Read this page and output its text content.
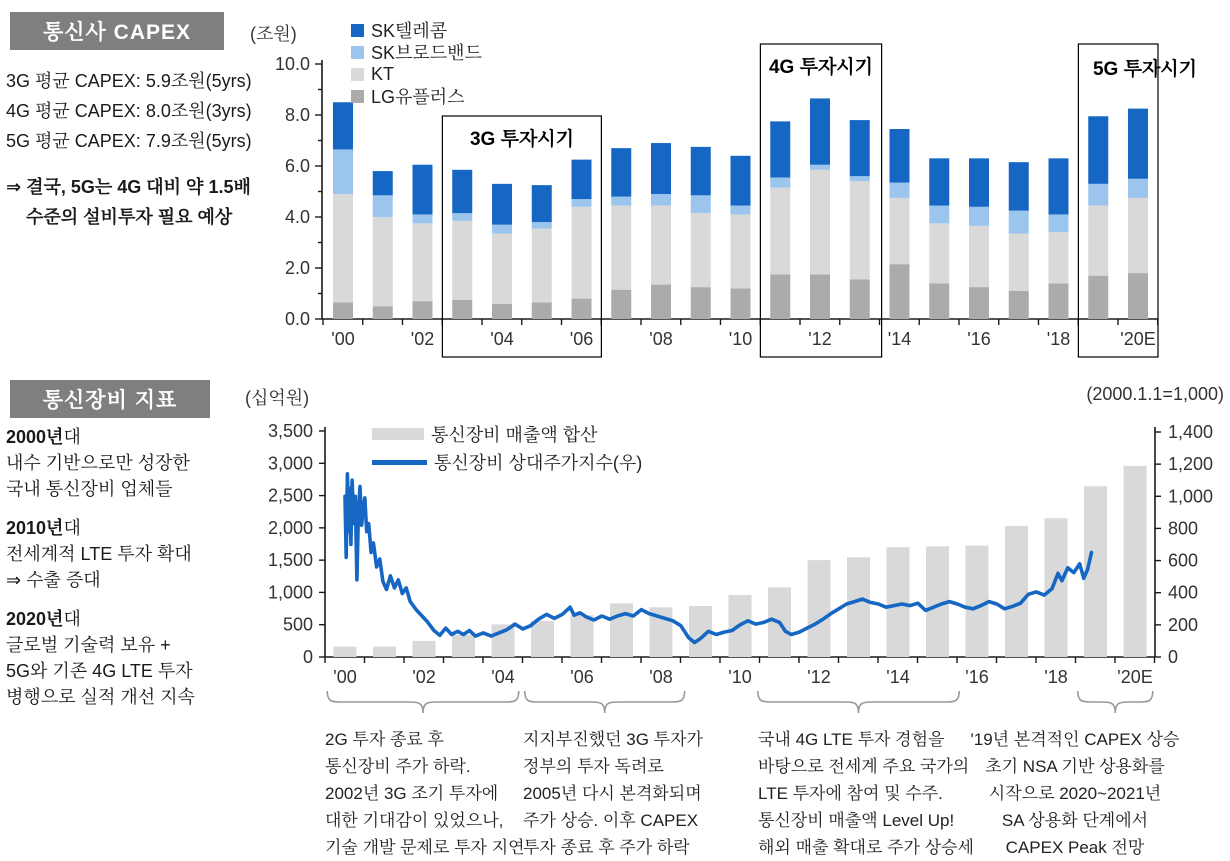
0.0
2.0
4.0
6.0
8.0
10.0
'00	'02	'04	'06	'08	'10	'12	'14	'16	'18	'20E
0
500
1,000
1,500
2,000
2,500
3,000
3,500
0
200
400
600
800
1,000
1,200
1,400
'00	'02	'04	'06	'08	'10	'12	'14	'16	'18	'20E
통신사 CAPEX
3G 평균 CAPEX: 5.9조원(5yrs)
4G 평균 CAPEX: 8.0조원(3yrs)
5G 평균 CAPEX: 7.9조원(5yrs)
⇒ 결국, 5G는 4G 대비 약 1.5배
수준의 설비투자 필요 예상
(조원)	SK텔레콤
SK브로드밴드
KT
LG유플러스
3G 투자시기
4G 투자시기	5G 투자시기
통신장비 지표
2000년대
내수 기반으로만 성장한
국내 통신장비 업체들
2010년대
전세계적 LTE 투자 확대
⇒ 수출 증대
2020년대
글로벌 기술력 보유 +
5G와 기존 4G LTE 투자
병행으로 실적 개선 지속
(십억원)	(2000.1.1=1,000)
통신장비 매출액 합산
통신장비 상대주가지수(우)
2G 투자 종료 후
통신장비 주가 하락.
2002년 3G 조기 투자에
대한 기대감이 있었으나,
기술 개발 문제로 투자 지연
지지부진했던 3G 투자가
정부의 투자 독려로
2005년 다시 본격화되며
주가 상승. 이후 CAPEX
투자 종료 후 주가 하락
국내 4G LTE 투자 경험을
바탕으로 전세계 주요 국가의
LTE 투자에 참여 및 수주.
통신장비 매출액 Level Up!
해외 매출 확대로 주가 상승세
'19년 본격적인 CAPEX 상승
초기 NSA 기반 상용화를
시작으로 2020~2021년
SA 상용화 단계에서
CAPEX Peak 전망
